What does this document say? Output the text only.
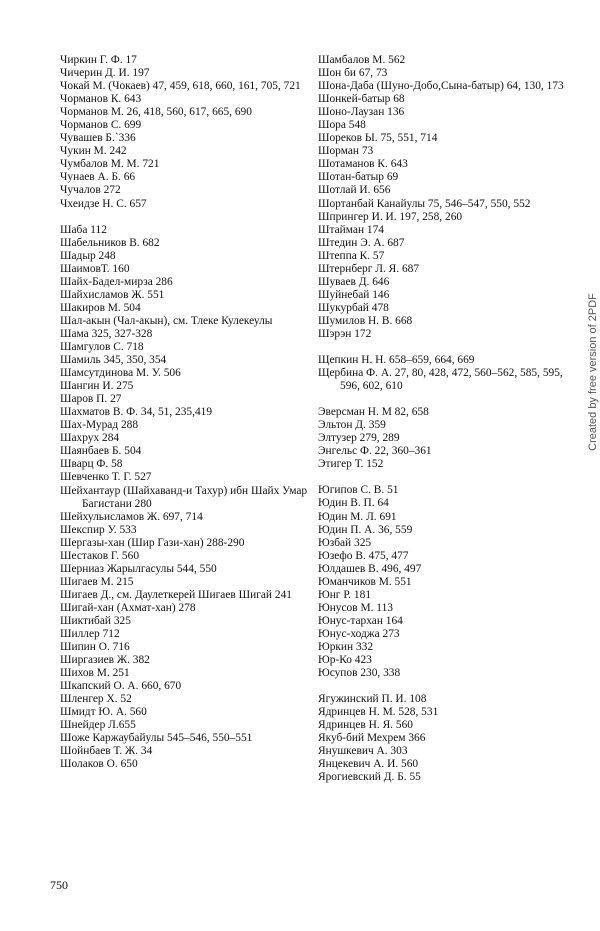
Чиркин Г. Ф. 17
Чичерин Д. И. 197
Чокай М. (Чокаев) 47, 459, 618, 660, 161, 705, 721
Чорманов К. 643
Чорманов М. 26, 418, 560, 617, 665, 690
Чорманов С. 699
Чувашев Б.`336
Чукин М. 242
Чумбалов М. М. 721
Чунаев А. Б. 66
Чучалов 272
Чхеидзе Н. С. 657
Шаба 112
Шабельников В. 682
Шадыр 248
ШаимовТ. 160
Шайх-Бадел-мирза 286
Шайхисламов Ж. 551
Шакиров М. 504
Шал-акын (Чал-акын), см. Тлеке Кулекеулы
Шама 325, 327-328
Шамгулов С. 718
Шамиль 345, 350, 354
Шамсутдинова М. У. 506
Шангин И. 275
Шаров П. 27
Шахматов В. Ф. 34, 51, 235,419
Шах-Мурад 288
Шахрух 284
Шаянбаев Б. 504
Шварц Ф. 58
Шевченко Т. Г. 527
Шейхантаур (Шайхаванд-и Тахур) ибн Шайх Умар Багистани 280
Шейхульисламов Ж. 697, 714
Шекспир У. 533
Шергазы-хан (Шир Гази-хан) 288-290
Шестаков Г. 560
Шерниаз Жарылгасулы 544, 550
Шигаев М. 215
Шигаев Д., см. Даулеткерей Шигаев Шигай 241
Шигай-хан (Ахмат-хан) 278
Шиктибай 325
Шиллер 712
Шипин О. 716
Ширгазиев Ж. 382
Шихов М. 251
Шкапский О. А. 660, 670
Шленгер Х. 52
Шмидт Ю. А. 560
Шнейдер Л.655
Шоже Каржаубайулы 545–546, 550–551
Шойнбаев Т. Ж. 34
Шолаков О. 650
Шамбалов М. 562
Шон би 67, 73
Шона-Даба (Шуно-Добо,Сына-батыр) 64, 130, 173
Шонкей-батыр 68
Шоно-Лаузан 136
Шора 548
Шореков Ы. 75, 551, 714
Шорман 73
Шотаманов К. 643
Шотан-батыр 69
Шотлай И. 656
Шортанбай Канайулы 75, 546–547, 550, 552
Шпрингер И. И. 197, 258, 260
Штайман 174
Штедин Э. А. 687
Штеппа К. 57
Штернберг Л. Я. 687
Шуваев Д. 646
Шуйнебай 146
Шукурбай 478
Шумилов Н. В. 668
Шэрэн 172
Щепкин Н. Н. 658–659, 664, 669
Щербина Ф. А. 27, 80, 428, 472, 560–562, 585, 595, 596, 602, 610
Эверсман Н. М 82, 658
Эльтон Д. 359
Элтузер 279, 289
Энгельс Ф. 22, 360–361
Этигер Т. 152
Югипов С. В. 51
Юдин В. П. 64
Юдин М. Л. 691
Юдин П. А. 36, 559
Юзбай 325
Юзефо В. 475, 477
Юлдашев В. 496, 497
Юманчиков М. 551
Юнг Р. 181
Юнусов М. 113
Юнус-тархан 164
Юнус-ходжа 273
Юркин 332
Юр-Ко 423
Юсупов 230, 338
Ягужинский П. И. 108
Ядринцев Н. М. 528, 531
Ядринцев Н. Я. 560
Якуб-бий Мехрем 366
Янушкевич А. 303
Янцекевич А. И. 560
Ярогиевский Д. Б. 55
750
Created by free version of 2PDF
